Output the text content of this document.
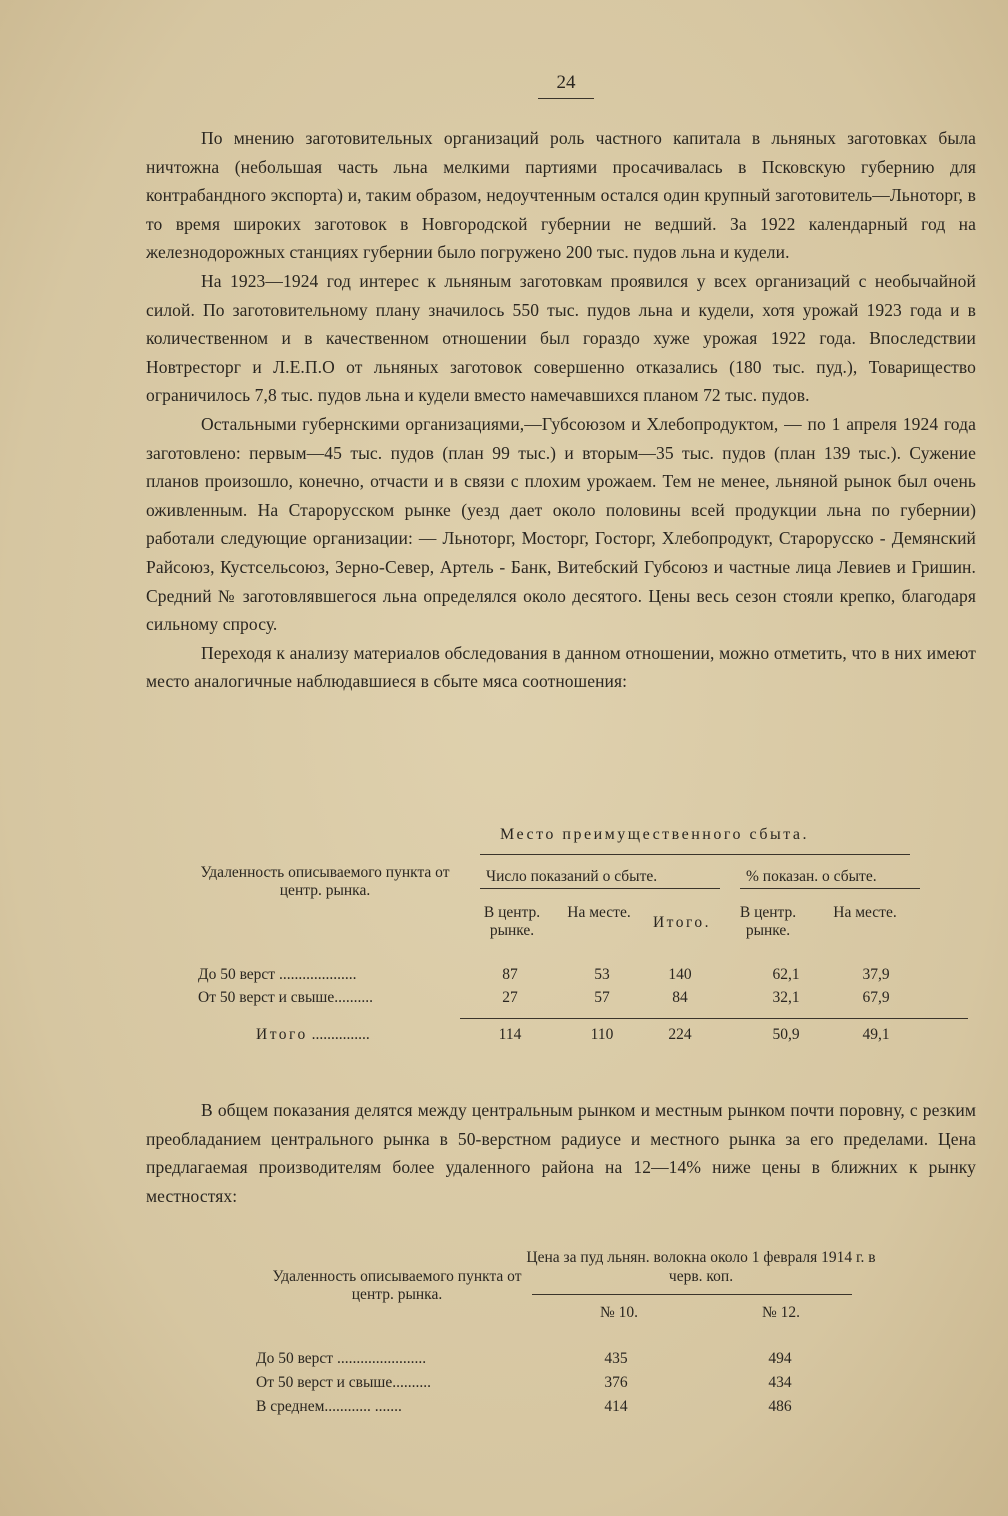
24

По мнению заготовительных организаций роль частного капитала в льняных заготовках была ничтожна (небольшая часть льна мелкими партиями просачивалась в Псковскую губернию для контрабандного экспорта) и, таким образом, недоучтенным остался один крупный заготовитель—Льноторг, в то время широких заготовок в Новгородской губернии не ведший. За 1922 календарный год на железнодорожных станциях губернии было погружено 200 тыс. пудов льна и кудели.

На 1923—1924 год интерес к льняным заготовкам проявился у всех организаций с необычайной силой. По заготовительному плану значилось 550 тыс. пудов льна и кудели, хотя урожай 1923 года и в количественном и в качественном отношении был гораздо хуже урожая 1922 года. Впоследствии Новтресторг и Л.Е.П.О от льняных заготовок совершенно отказались (180 тыс. пуд.), Товарищество ограничилось 7,8 тыс. пудов льна и кудели вместо намечавшихся планом 72 тыс. пудов.

Остальными губернскими организациями,—Губсоюзом и Хлебопродуктом, — по 1 апреля 1924 года заготовлено: первым—45 тыс. пудов (план 99 тыс.) и вторым—35 тыс. пудов (план 139 тыс.). Сужение планов произошло, конечно, отчасти и в связи с плохим урожаем. Тем не менее, льняной рынок был очень оживленным. На Старорусском рынке (уезд дает около половины всей продукции льна по губернии) работали следующие организации: — Льноторг, Мосторг, Госторг, Хлебопродукт, Старорусско - Демянский Райсоюз, Кустсельсоюз, Зерно-Север, Артель - Банк, Витебский Губсоюз и частные лица Левиев и Гришин. Средний № заготовлявшегося льна определялся около десятого. Цены весь сезон стояли крепко, благодаря сильному спросу.

Переходя к анализу материалов обследования в данном отношении, можно отметить, что в них имеют место аналогичные наблюдавшиеся в сбыте мяса соотношения:

Место преимущественного сбыта.
Удаленность описываемого пункта от центр. рынка.
Число показаний о сбыте.	% показан. о сбыте.
В центр. рынке.
На месте.
Итого.
В центр. рынке.
На месте.
До 50 верст ....................	87	53	140	62,1	37,9
От 50 верст и свыше..........	27	57	84	32,1	67,9
Итого ...............	114	110	224	50,9	49,1

В общем показания делятся между центральным рынком и местным рынком почти поровну, с резким преобладанием центрального рынка в 50-верстном радиусе и местного рынка за его пределами. Цена предлагаемая производителям более удаленного района на 12—14% ниже цены в ближних к рынку местностях:

Удаленность описываемого пункта от центр. рынка.
Цена за пуд льнян. волокна около 1 февраля 1914 г. в черв. коп.
№ 10.	№ 12.
До 50 верст .......................	435	494
От 50 верст и свыше..........	376	434
В среднем............ .......	414	486
